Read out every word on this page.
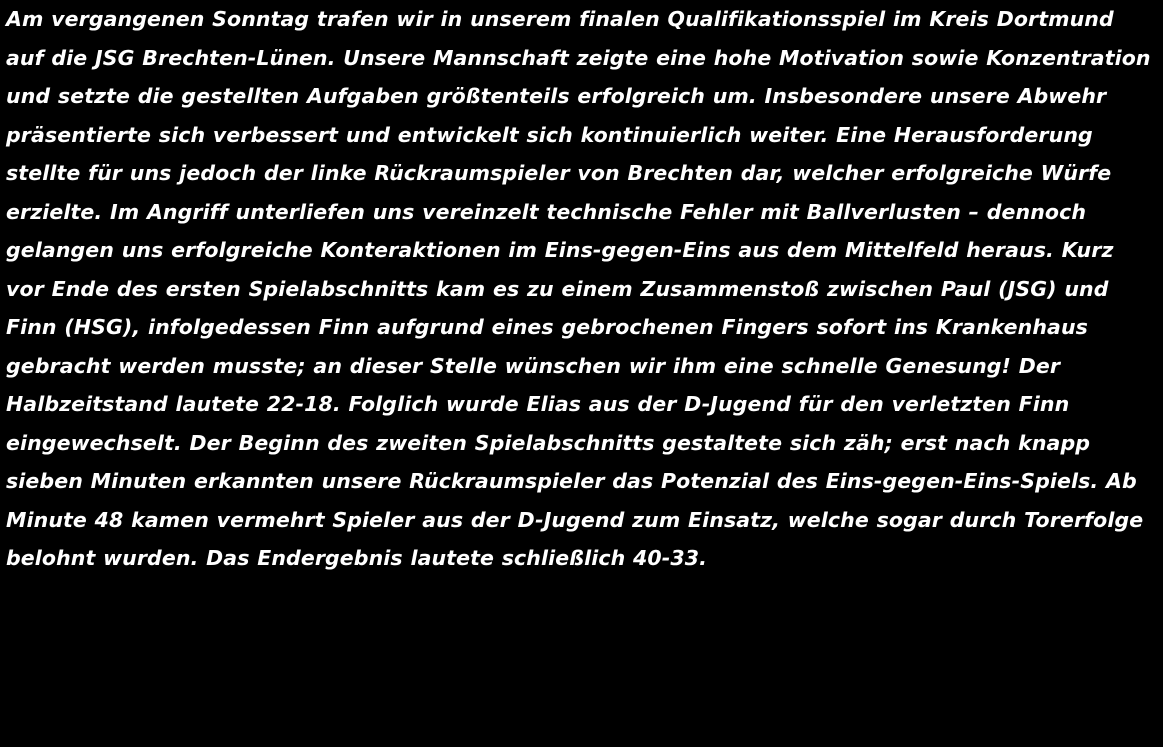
Am vergangenen Sonntag trafen wir in unserem finalen Qualifikationsspiel im Kreis Dortmund auf die JSG Brechten-Lünen. Unsere Mannschaft zeigte eine hohe Motivation sowie Konzentration und setzte die gestellten Aufgaben größtenteils erfolgreich um. Insbesondere unsere Abwehr präsentierte sich verbessert und entwickelt sich kontinuierlich weiter. Eine Herausforderung stellte für uns jedoch der linke Rückraumspieler von Brechten dar, welcher erfolgreiche Würfe erzielte. Im Angriff unterliefen uns vereinzelt technische Fehler mit Ballverlusten – dennoch gelangen uns erfolgreiche Konteraktionen im Eins-gegen-Eins aus dem Mittelfeld heraus. Kurz vor Ende des ersten Spielabschnitts kam es zu einem Zusammenstoß zwischen Paul (JSG) und Finn (HSG), infolgedessen Finn aufgrund eines gebrochenen Fingers sofort ins Krankenhaus gebracht werden musste; an dieser Stelle wünschen wir ihm eine schnelle Genesung! Der Halbzeitstand lautete 22-18. Folglich wurde Elias aus der D-Jugend für den verletzten Finn eingewechselt. Der Beginn des zweiten Spielabschnitts gestaltete sich zäh; erst nach knapp sieben Minuten erkannten unsere Rückraumspieler das Potenzial des Eins-gegen-Eins-Spiels. Ab Minute 48 kamen vermehrt Spieler aus der D-Jugend zum Einsatz, welche sogar durch Torerfolge belohnt wurden. Das Endergebnis lautete schließlich 40-33.
